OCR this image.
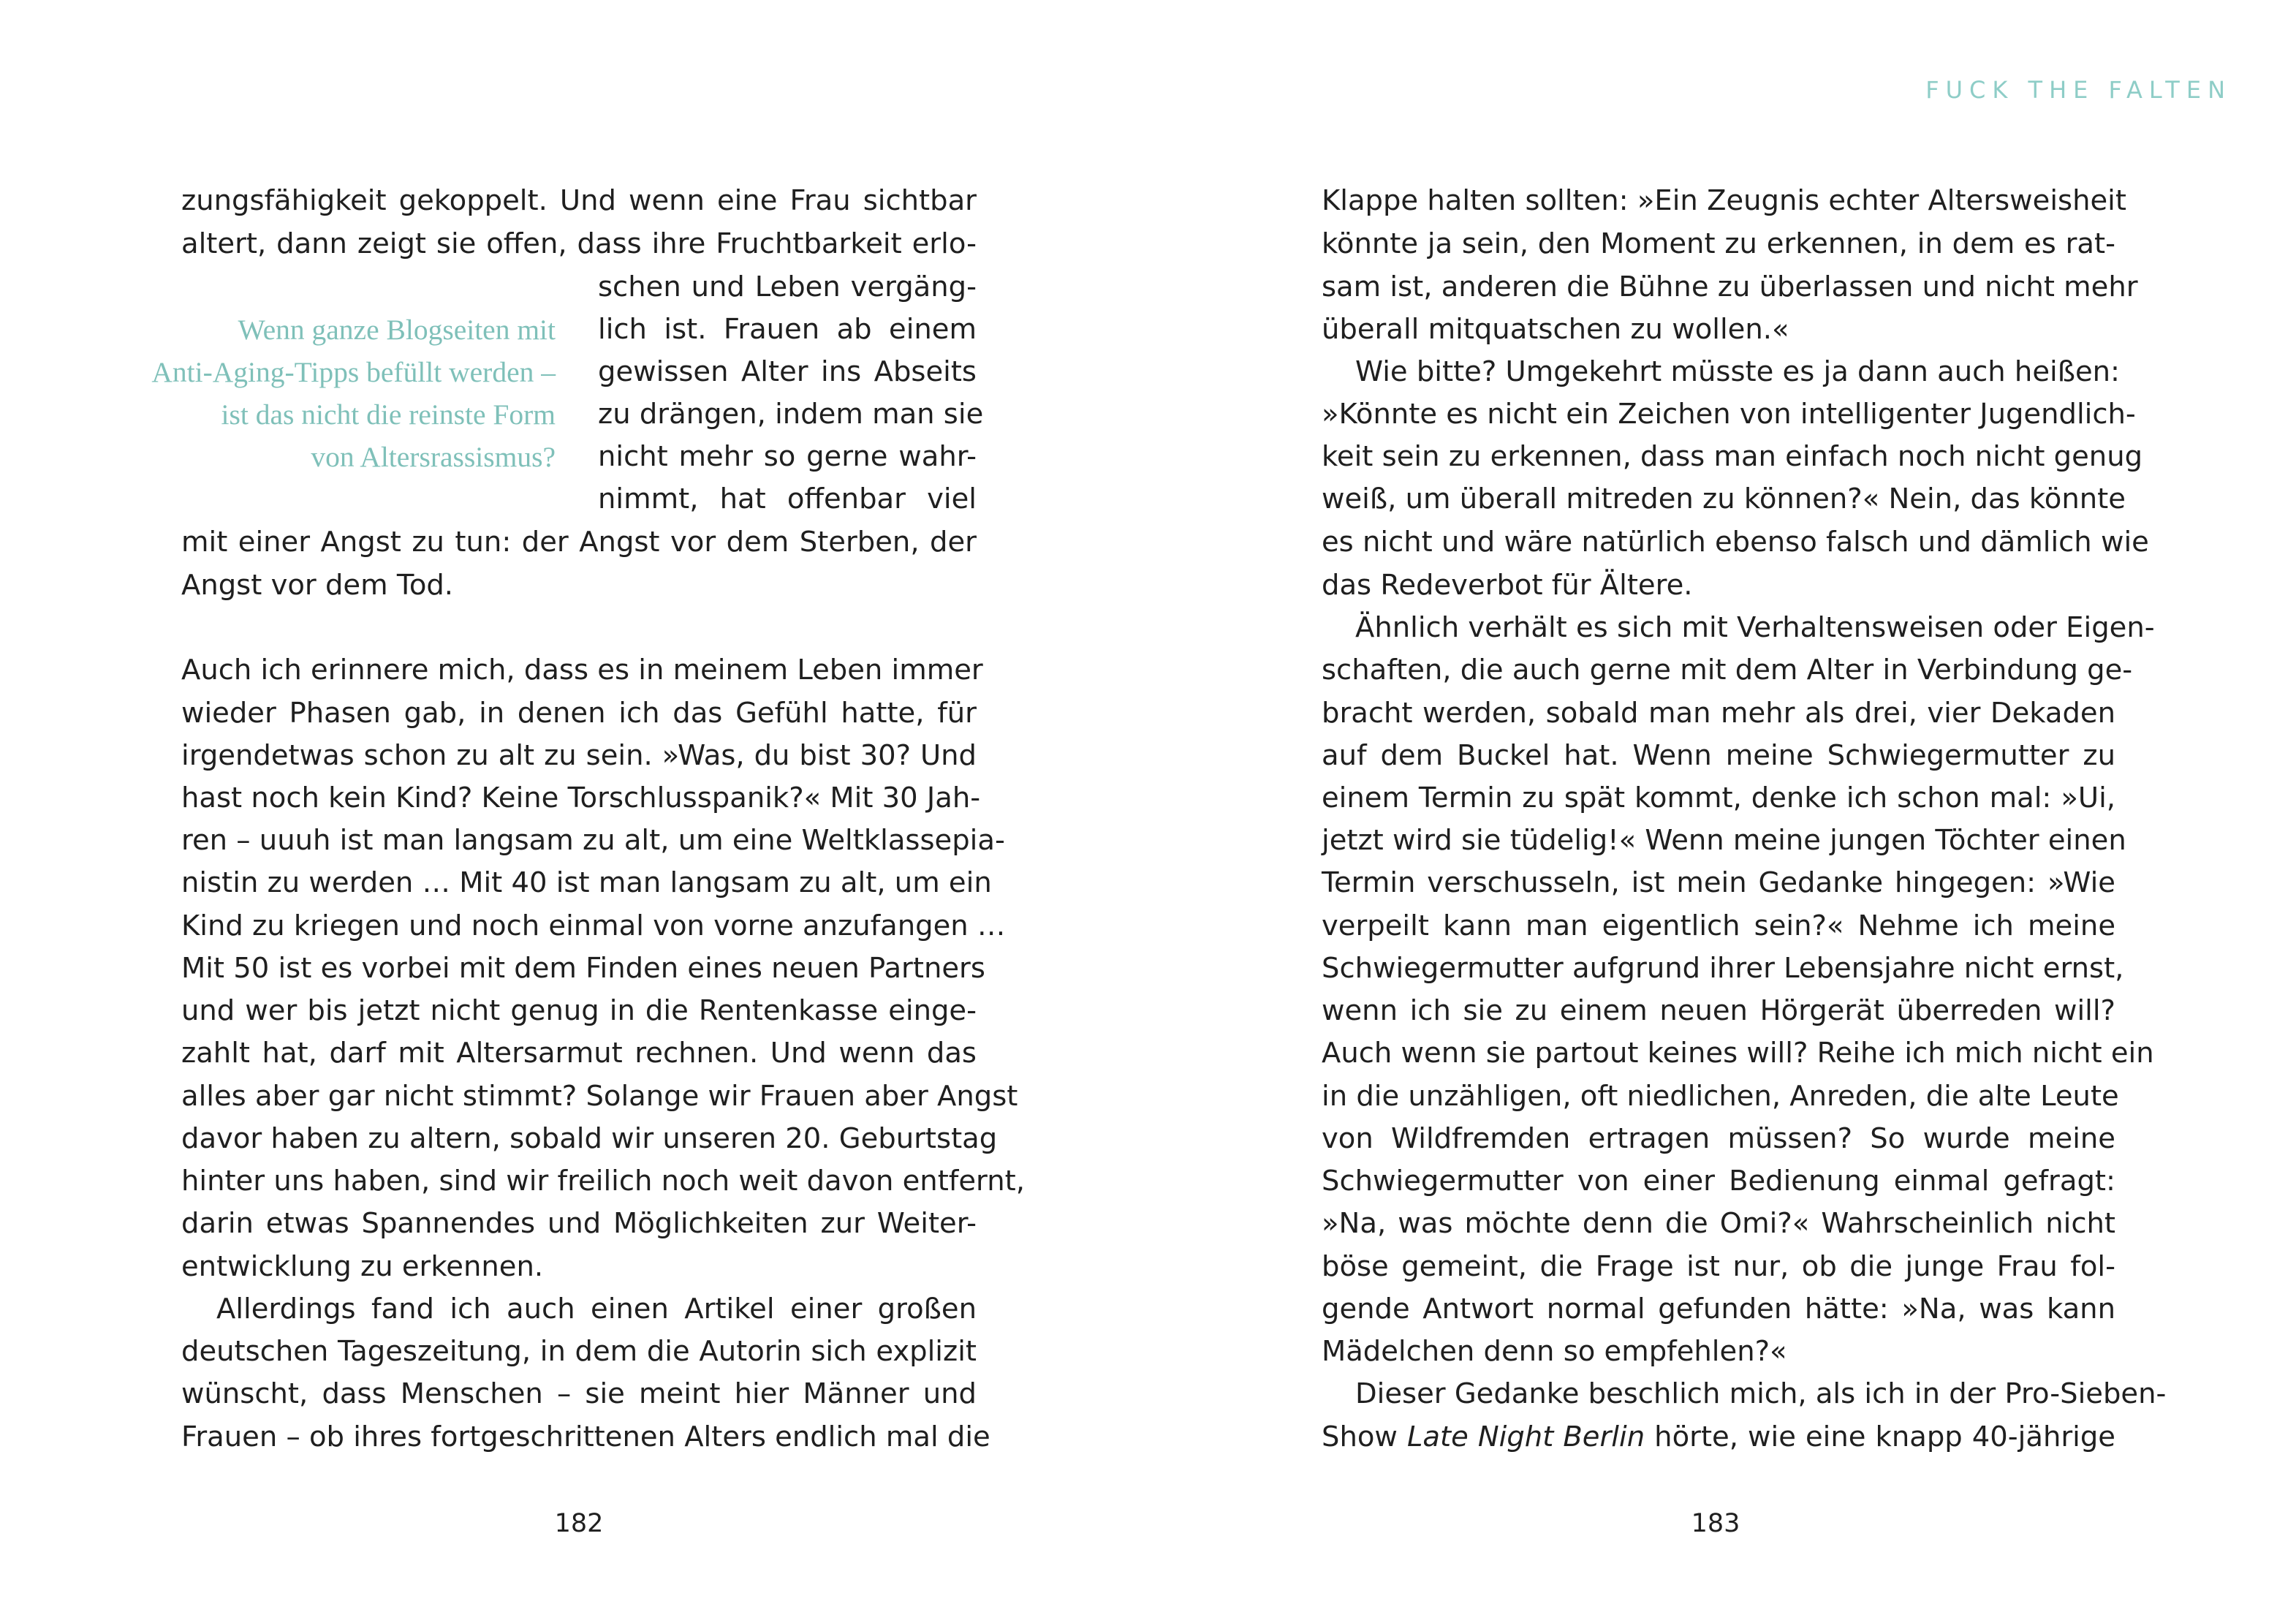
FUCK THE FALTEN
Wenn ganze Blogseiten mit
Anti-Aging-Tipps befüllt werden –
ist das nicht die reinste Form
von Altersrassismus?
zungsfähigkeit gekoppelt. Und wenn eine Frau sichtbar
altert, dann zeigt sie offen, dass ihre Fruchtbarkeit erlo-
schen und Leben vergäng-
lich ist. Frauen ab einem
gewissen Alter ins Abseits
zu drängen, indem man sie
nicht mehr so gerne wahr-
nimmt, hat offenbar viel
mit einer Angst zu tun: der Angst vor dem Sterben, der
Angst vor dem Tod.
Auch ich erinnere mich, dass es in meinem Leben immer
wieder Phasen gab, in denen ich das Gefühl hatte, für
irgendetwas schon zu alt zu sein. »Was, du bist 30? Und
hast noch kein Kind? Keine Torschlusspanik?« Mit 30 Jah-
ren – uuuh ist man langsam zu alt, um eine Weltklassepia-
nistin zu werden … Mit 40 ist man langsam zu alt, um ein
Kind zu kriegen und noch einmal von vorne anzufangen …
Mit 50 ist es vorbei mit dem Finden eines neuen Partners
und wer bis jetzt nicht genug in die Rentenkasse einge-
zahlt hat, darf mit Altersarmut rechnen. Und wenn das
alles aber gar nicht stimmt? Solange wir Frauen aber Angst
davor haben zu altern, sobald wir unseren 20. Geburtstag
hinter uns haben, sind wir freilich noch weit davon entfernt,
darin etwas Spannendes und Möglichkeiten zur Weiter-
entwicklung zu erkennen.
Allerdings fand ich auch einen Artikel einer großen
deutschen Tageszeitung, in dem die Autorin sich explizit
wünscht, dass Menschen – sie meint hier Männer und
Frauen – ob ihres fortgeschrittenen Alters endlich mal die
182
Klappe halten sollten: »Ein Zeugnis echter Altersweisheit
könnte ja sein, den Moment zu erkennen, in dem es rat-
sam ist, anderen die Bühne zu überlassen und nicht mehr
überall mitquatschen zu wollen.«
Wie bitte? Umgekehrt müsste es ja dann auch heißen:
»Könnte es nicht ein Zeichen von intelligenter Jugendlich-
keit sein zu erkennen, dass man einfach noch nicht genug
weiß, um überall mitreden zu können?« Nein, das könnte
es nicht und wäre natürlich ebenso falsch und dämlich wie
das Redeverbot für Ältere.
Ähnlich verhält es sich mit Verhaltensweisen oder Eigen-
schaften, die auch gerne mit dem Alter in Verbindung ge-
bracht werden, sobald man mehr als drei, vier Dekaden
auf dem Buckel hat. Wenn meine Schwiegermutter zu
einem Termin zu spät kommt, denke ich schon mal: »Ui,
jetzt wird sie tüdelig!« Wenn meine jungen Töchter einen
Termin verschusseln, ist mein Gedanke hingegen: »Wie
verpeilt kann man eigentlich sein?« Nehme ich meine
Schwiegermutter aufgrund ihrer Lebensjahre nicht ernst,
wenn ich sie zu einem neuen Hörgerät überreden will?
Auch wenn sie partout keines will? Reihe ich mich nicht ein
in die unzähligen, oft niedlichen, Anreden, die alte Leute
von Wildfremden ertragen müssen? So wurde meine
Schwiegermutter von einer Bedienung einmal gefragt:
»Na, was möchte denn die Omi?« Wahrscheinlich nicht
böse gemeint, die Frage ist nur, ob die junge Frau fol-
gende Antwort normal gefunden hätte: »Na, was kann
Mädelchen denn so empfehlen?«
Dieser Gedanke beschlich mich, als ich in der Pro-Sieben-
Show Late Night Berlin hörte, wie eine knapp 40-jährige
183
